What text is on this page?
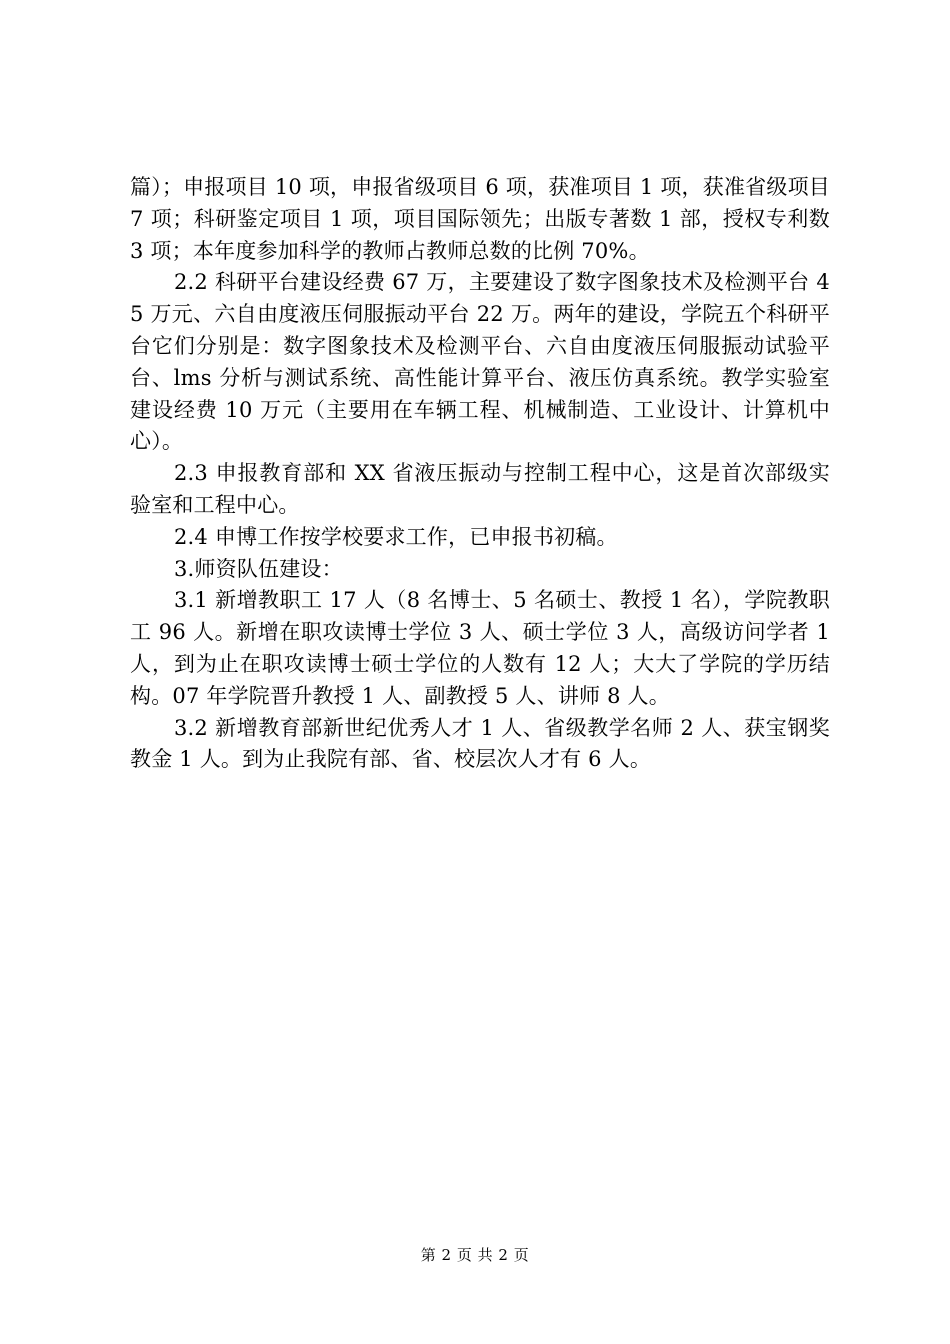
篇）；申报项目 10 项，申报省级项目 6 项，获准项目 1 项，获准省级项目 7 项；科研鉴定项目 1 项，项目国际领先；出版专著数 1 部，授权专利数 3 项；本年度参加科学的教师占教师总数的比例 70%。

2.2 科研平台建设经费 67 万，主要建设了数字图象技术及检测平台 45 万元、六自由度液压伺服振动平台 22 万。两年的建设，学院五个科研平台它们分别是：数字图象技术及检测平台、六自由度液压伺服振动试验平台、lms 分析与测试系统、高性能计算平台、液压仿真系统。教学实验室建设经费 10 万元（主要用在车辆工程、机械制造、工业设计、计算机中心）。

2.3 申报教育部和 XX 省液压振动与控制工程中心，这是首次部级实验室和工程中心。

2.4 申博工作按学校要求工作，已申报书初稿。

3.师资队伍建设：

3.1 新增教职工 17 人（8 名博士、5 名硕士、教授 1 名），学院教职工 96 人。新增在职攻读博士学位 3 人、硕士学位 3 人，高级访问学者 1 人，到为止在职攻读博士硕士学位的人数有 12 人；大大了学院的学历结构。07 年学院晋升教授 1 人、副教授 5 人、讲师 8 人。

3.2 新增教育部新世纪优秀人才 1 人、省级教学名师 2 人、获宝钢奖教金 1 人。到为止我院有部、省、校层次人才有 6 人。

第 2 页 共 2 页
